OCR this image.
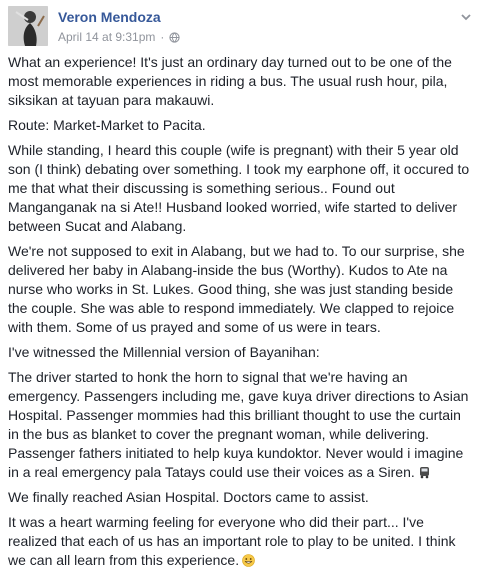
Veron Mendoza
April 14 at 9:31pm ·

What an experience! It's just an ordinary day turned out to be one of the most memorable experiences in riding a bus. The usual rush hour, pila, siksikan at tayuan para makauwi.

Route: Market-Market to Pacita.

While standing, I heard this couple (wife is pregnant) with their 5 year old son (I think) debating over something. I took my earphone off, it occured to me that what their discussing is something serious.. Found out Manganganak na si Ate!! Husband looked worried, wife started to deliver between Sucat and Alabang.

We're not supposed to exit in Alabang, but we had to. To our surprise, she delivered her baby in Alabang-inside the bus (Worthy). Kudos to Ate na nurse who works in St. Lukes. Good thing, she was just standing beside the couple. She was able to respond immediately. We clapped to rejoice with them. Some of us prayed and some of us were in tears.

I've witnessed the Millennial version of Bayanihan:

The driver started to honk the horn to signal that we're having an emergency. Passengers including me, gave kuya driver directions to Asian Hospital. Passenger mommies had this brilliant thought to use the curtain in the bus as blanket to cover the pregnant woman, while delivering. Passenger fathers initiated to help kuya kundoktor. Never would i imagine in a real emergency pala Tatays could use their voices as a Siren.

We finally reached Asian Hospital. Doctors came to assist.

It was a heart warming feeling for everyone who did their part... I've realized that each of us has an important role to play to be united. I think we can all learn from this experience.
